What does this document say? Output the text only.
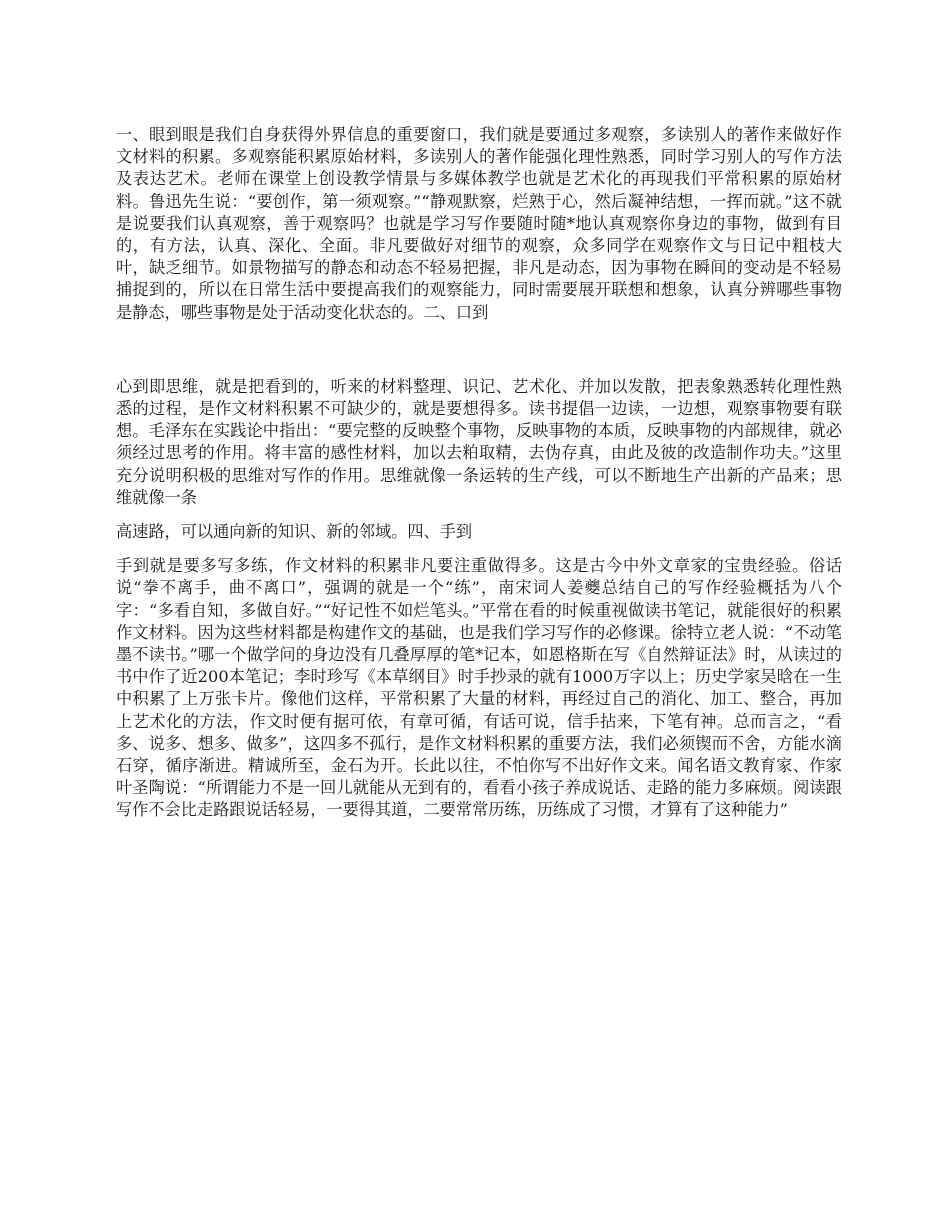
一、眼到眼是我们自身获得外界信息的重要窗口，我们就是要通过多观察，多读别人的著作来做好作文材料的积累。多观察能积累原始材料，多读别人的著作能强化理性熟悉，同时学习别人的写作方法及表达艺术。老师在课堂上创设教学情景与多媒体教学也就是艺术化的再现我们平常积累的原始材料。鲁迅先生说：“要创作，第一须观察。”“静观默察，烂熟于心，然后凝神结想，一挥而就。”这不就是说要我们认真观察，善于观察吗？也就是学习写作要随时随*地认真观察你身边的事物，做到有目的，有方法，认真、深化、全面。非凡要做好对细节的观察，众多同学在观察作文与日记中粗枝大叶，缺乏细节。如景物描写的静态和动态不轻易把握，非凡是动态，因为事物在瞬间的变动是不轻易捕捉到的，所以在日常生活中要提高我们的观察能力，同时需要展开联想和想象，认真分辨哪些事物是静态，哪些事物是处于活动变化状态的。二、口到

心到即思维，就是把看到的，听来的材料整理、识记、艺术化、并加以发散，把表象熟悉转化理性熟悉的过程，是作文材料积累不可缺少的，就是要想得多。读书提倡一边读，一边想，观察事物要有联想。毛泽东在实践论中指出：“要完整的反映整个事物，反映事物的本质，反映事物的内部规律，就必须经过思考的作用。将丰富的感性材料，加以去粕取精，去伪存真，由此及彼的改造制作功夫。”这里充分说明积极的思维对写作的作用。思维就像一条运转的生产线，可以不断地生产出新的产品来；思维就像一条

高速路，可以通向新的知识、新的邻域。四、手到

手到就是要多写多练，作文材料的积累非凡要注重做得多。这是古今中外文章家的宝贵经验。俗话说“拳不离手，曲不离口”，强调的就是一个“练”，南宋词人姜夔总结自己的写作经验概括为八个字：“多看自知，多做自好。”“好记性不如烂笔头。”平常在看的时候重视做读书笔记，就能很好的积累作文材料。因为这些材料都是构建作文的基础，也是我们学习写作的必修课。徐特立老人说：“不动笔墨不读书。”哪一个做学问的身边没有几叠厚厚的笔*记本，如恩格斯在写《自然辩证法》时，从读过的书中作了近200本笔记；李时珍写《本草纲目》时手抄录的就有1000万字以上；历史学家吴晗在一生中积累了上万张卡片。像他们这样，平常积累了大量的材料，再经过自己的消化、加工、整合，再加上艺术化的方法，作文时便有据可依，有章可循，有话可说，信手拈来，下笔有神。总而言之，“看多、说多、想多、做多”，这四多不孤行，是作文材料积累的重要方法，我们必须锲而不舍，方能水滴石穿，循序渐进。精诚所至，金石为开。长此以往，不怕你写不出好作文来。闻名语文教育家、作家叶圣陶说：“所谓能力不是一回儿就能从无到有的，看看小孩子养成说话、走路的能力多麻烦。阅读跟写作不会比走路跟说话轻易，一要得其道，二要常常历练，历练成了习惯，才算有了这种能力”
